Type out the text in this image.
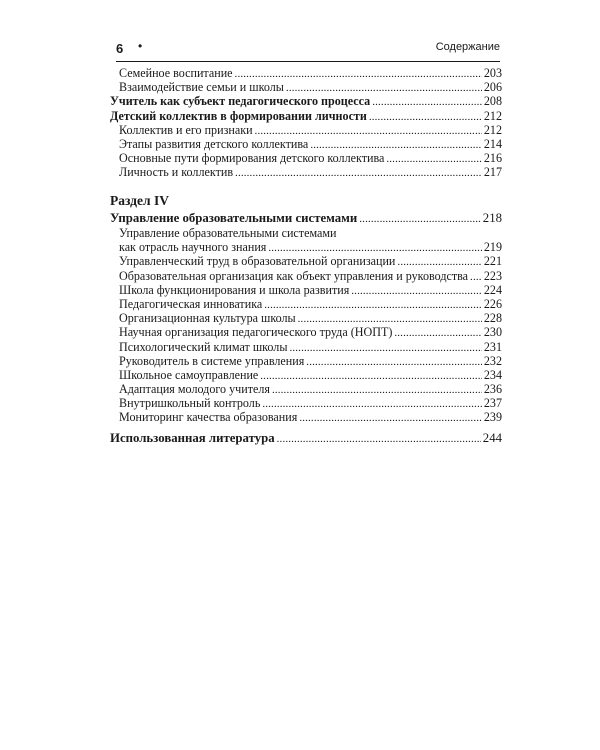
6 •	Содержание
Семейное воспитание . . .	203
Взаимодействие семьи и школы . . .	206
Учитель как субъект педагогического процесса . . .	208
Детский коллектив в формировании личности . . .	212
Коллектив и его признаки . . .	212
Этапы развития детского коллектива . . .	214
Основные пути формирования детского коллектива . . .	216
Личность и коллектив . . .	217
Раздел IV
Управление образовательными системами . . .	218
Управление образовательными системами
как отрасль научного знания . . .	219
Управленческий труд в образовательной организации . . .	221
Образовательная организация как объект управления и руководства . . . 223
Школа функционирования и школа развития . . .	224
Педагогическая инноватика . . .	226
Организационная культура школы . . .	228
Научная организация педагогического труда (НОПТ) . . .	230
Психологический климат школы . . .	231
Руководитель в системе управления . . .	232
Школьное самоуправление . . .	234
Адаптация молодого учителя . . .	236
Внутришкольный контроль . . .	237
Мониторинг качества образования . . .	239
Использованная литература . . .	244
